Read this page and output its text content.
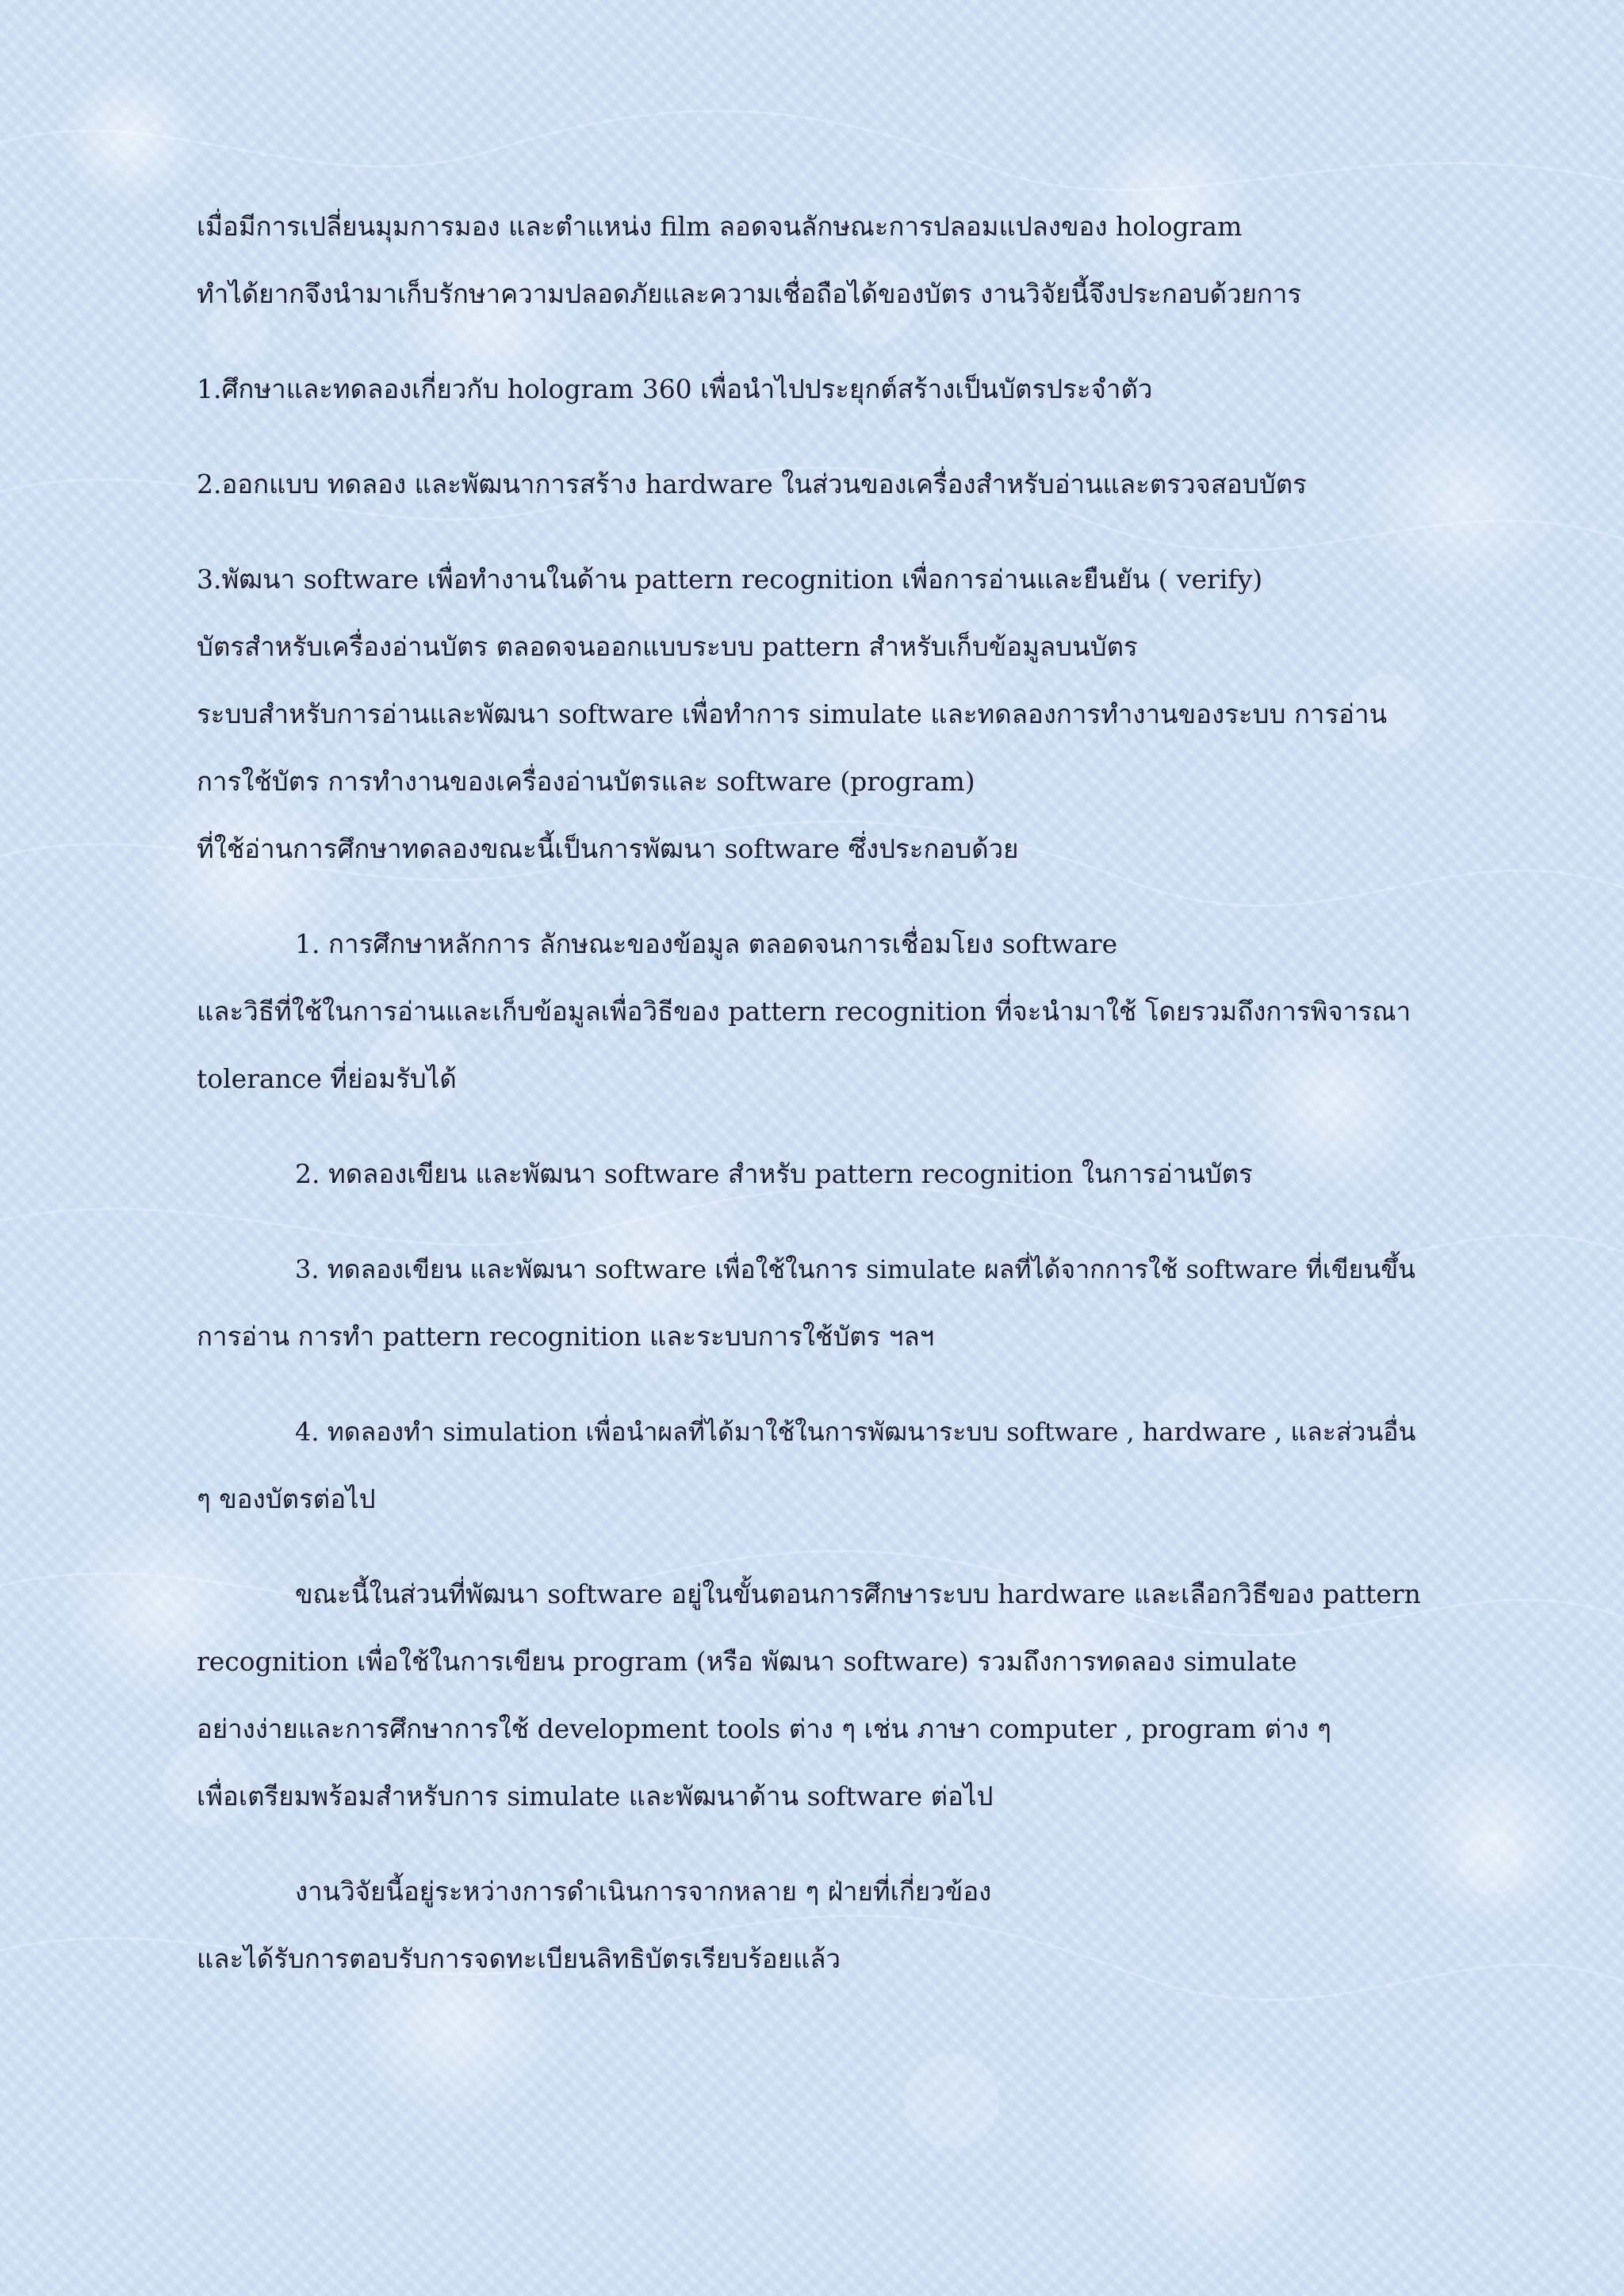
เมื่อมีการเปลี่ยนมุมการมอง และตำแหน่ง film ลอดจนลักษณะการปลอมแปลงของ hologram
ทำได้ยากจึงนำมาเก็บรักษาความปลอดภัยและความเชื่อถือได้ของบัตร งานวิจัยนี้จึงประกอบด้วยการ
1.ศึกษาและทดลองเกี่ยวกับ hologram 360 เพื่อนำไปประยุกต์สร้างเป็นบัตรประจำตัว
2.ออกแบบ ทดลอง และพัฒนาการสร้าง hardware ในส่วนของเครื่องสำหรับอ่านและตรวจสอบบัตร
3.พัฒนา software เพื่อทำงานในด้าน pattern recognition เพื่อการอ่านและยืนยัน ( verify)
บัตรสำหรับเครื่องอ่านบัตร ตลอดจนออกแบบระบบ pattern สำหรับเก็บข้อมูลบนบัตร
ระบบสำหรับการอ่านและพัฒนา software เพื่อทำการ simulate และทดลองการทำงานของระบบ การอ่าน
การใช้บัตร การทำงานของเครื่องอ่านบัตรและ software (program)
ที่ใช้อ่านการศึกษาทดลองขณะนี้เป็นการพัฒนา software ซึ่งประกอบด้วย
1. การศึกษาหลักการ ลักษณะของข้อมูล ตลอดจนการเชื่อมโยง software
และวิธีที่ใช้ในการอ่านและเก็บข้อมูลเพื่อวิธีของ pattern recognition ที่จะนำมาใช้ โดยรวมถึงการพิจารณา
tolerance ที่ย่อมรับได้
2. ทดลองเขียน และพัฒนา software สำหรับ pattern recognition ในการอ่านบัตร
3. ทดลองเขียน และพัฒนา software เพื่อใช้ในการ simulate ผลที่ได้จากการใช้ software ที่เขียนขึ้น
การอ่าน การทำ pattern recognition และระบบการใช้บัตร ฯลฯ
4. ทดลองทำ simulation เพื่อนำผลที่ได้มาใช้ในการพัฒนาระบบ software , hardware , และส่วนอื่น
ๆ ของบัตรต่อไป
ขณะนี้ในส่วนที่พัฒนา software อยู่ในขั้นตอนการศึกษาระบบ hardware และเลือกวิธีของ pattern
recognition เพื่อใช้ในการเขียน program (หรือ พัฒนา software) รวมถึงการทดลอง simulate
อย่างง่ายและการศึกษาการใช้ development tools ต่าง ๆ เช่น ภาษา computer , program ต่าง ๆ
เพื่อเตรียมพร้อมสำหรับการ simulate และพัฒนาด้าน software ต่อไป
งานวิจัยนี้อยู่ระหว่างการดำเนินการจากหลาย ๆ ฝ่ายที่เกี่ยวข้อง
และได้รับการตอบรับการจดทะเบียนลิทธิบัตรเรียบร้อยแล้ว
